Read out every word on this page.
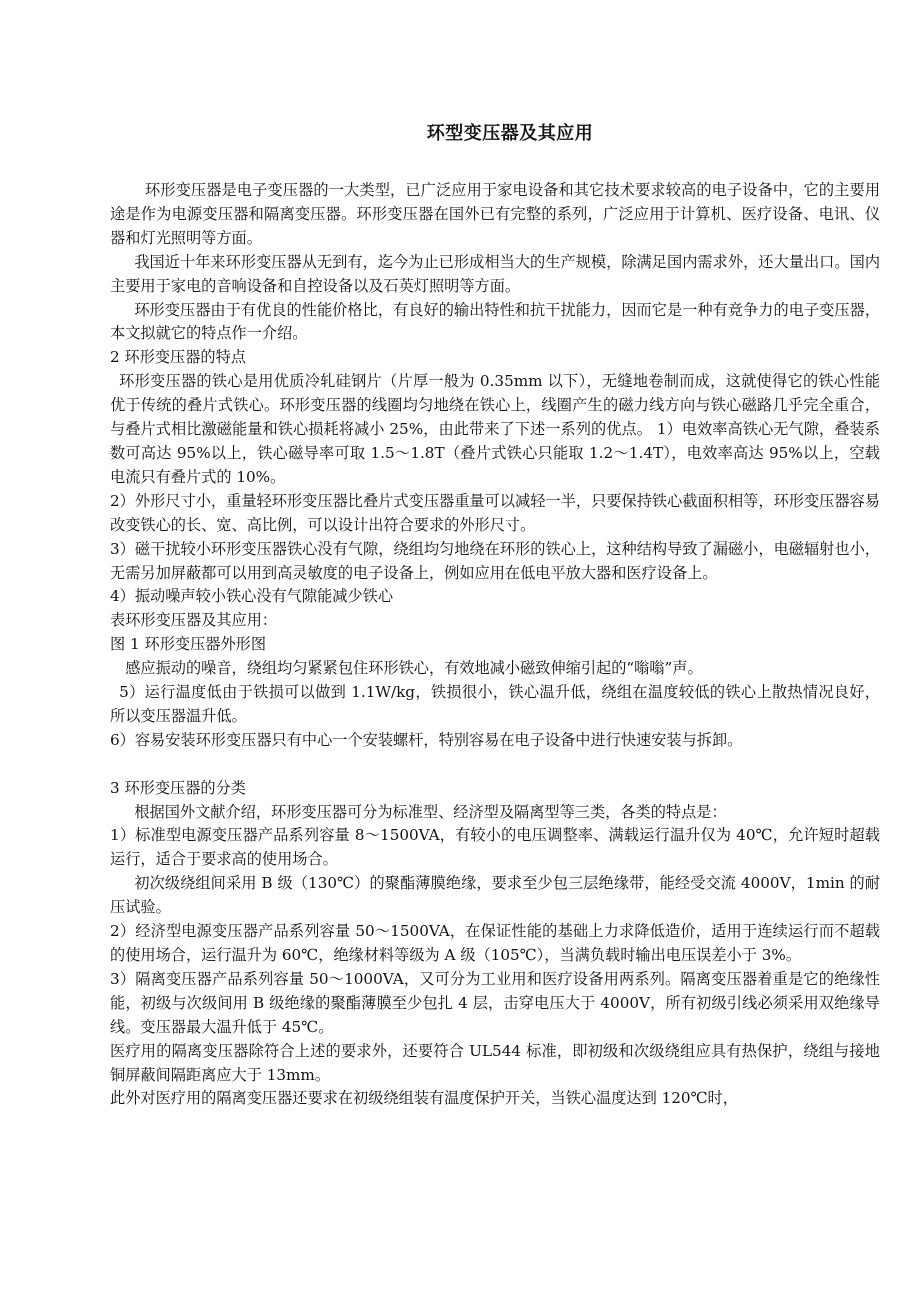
环型变压器及其应用

环形变压器是电子变压器的一大类型，已广泛应用于家电设备和其它技术要求较高的电子设备中，它的主要用途是作为电源变压器和隔离变压器。环形变压器在国外已有完整的系列，广泛应用于计算机、医疗设备、电讯、仪器和灯光照明等方面。

我国近十年来环形变压器从无到有，迄今为止已形成相当大的生产规模，除满足国内需求外，还大量出口。国内主要用于家电的音响设备和自控设备以及石英灯照明等方面。

环形变压器由于有优良的性能价格比，有良好的输出特性和抗干扰能力，因而它是一种有竞争力的电子变压器，本文拟就它的特点作一介绍。

2 环形变压器的特点

环形变压器的铁心是用优质冷轧硅钢片（片厚一般为 0.35mm 以下），无缝地卷制而成，这就使得它的铁心性能优于传统的叠片式铁心。环形变压器的线圈均匀地绕在铁心上，线圈产生的磁力线方向与铁心磁路几乎完全重合，与叠片式相比激磁能量和铁心损耗将减小 25%，由此带来了下述一系列的优点。 1）电效率高铁心无气隙，叠装系数可高达 95%以上，铁心磁导率可取 1.5～1.8T（叠片式铁心只能取 1.2～1.4T），电效率高达 95%以上，空载电流只有叠片式的 10%。

2）外形尺寸小，重量轻环形变压器比叠片式变压器重量可以减轻一半，只要保持铁心截面积相等，环形变压器容易改变铁心的长、宽、高比例，可以设计出符合要求的外形尺寸。

3）磁干扰较小环形变压器铁心没有气隙，绕组均匀地绕在环形的铁心上，这种结构导致了漏磁小，电磁辐射也小，无需另加屏蔽都可以用到高灵敏度的电子设备上，例如应用在低电平放大器和医疗设备上。

4）振动噪声较小铁心没有气隙能减少铁心

表环形变压器及其应用：

图 1 环形变压器外形图

感应振动的噪音，绕组均匀紧紧包住环形铁心，有效地减小磁致伸缩引起的“嗡嗡”声。

5）运行温度低由于铁损可以做到 1.1W/kg，铁损很小，铁心温升低，绕组在温度较低的铁心上散热情况良好，所以变压器温升低。

6）容易安装环形变压器只有中心一个安装螺杆，特别容易在电子设备中进行快速安装与拆卸。

3 环形变压器的分类

根据国外文献介绍，环形变压器可分为标准型、经济型及隔离型等三类，各类的特点是：

1）标准型电源变压器产品系列容量 8～1500VA，有较小的电压调整率、满载运行温升仅为 40℃，允许短时超载运行，适合于要求高的使用场合。

初次级绕组间采用 B 级（130℃）的聚酯薄膜绝缘，要求至少包三层绝缘带，能经受交流 4000V，1min 的耐压试验。

2）经济型电源变压器产品系列容量 50～1500VA，在保证性能的基础上力求降低造价，适用于连续运行而不超载的使用场合，运行温升为 60℃，绝缘材料等级为 A 级（105℃），当满负载时输出电压误差小于 3%。

3）隔离变压器产品系列容量 50～1000VA，又可分为工业用和医疗设备用两系列。隔离变压器着重是它的绝缘性能，初级与次级间用 B 级绝缘的聚酯薄膜至少包扎 4 层，击穿电压大于 4000V，所有初级引线必须采用双绝缘导线。变压器最大温升低于 45℃。

医疗用的隔离变压器除符合上述的要求外，还要符合 UL544 标准，即初级和次级绕组应具有热保护，绕组与接地铜屏蔽间隔距离应大于 13mm。

此外对医疗用的隔离变压器还要求在初级绕组装有温度保护开关，当铁心温度达到 120℃时，
